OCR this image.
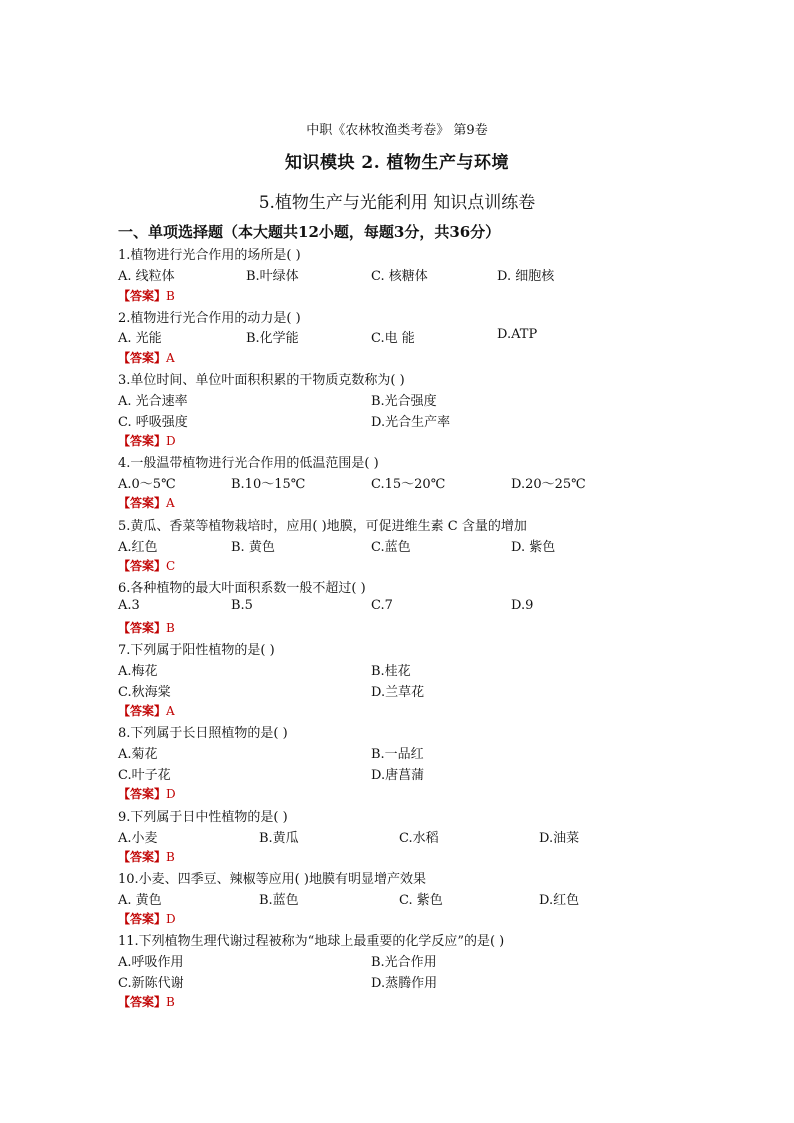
中职《农林牧渔类考卷》 第9卷
知识模块 2. 植物生产与环境
5.植物生产与光能利用 知识点训练卷
一、单项选择题（本大题共12小题，每题3分，共36分）
1.植物进行光合作用的场所是( )
A. 线粒体	B.叶绿体	C. 核糖体	D. 细胞核
【答案】B
2.植物进行光合作用的动力是( )
A. 光能	B.化学能	C.电 能	D.ATP
【答案】A
3.单位时间、单位叶面积积累的干物质克数称为( )
A. 光合速率	B.光合强度
C. 呼吸强度	D.光合生产率
【答案】D
4.一般温带植物进行光合作用的低温范围是( )
A.0～5℃	B.10～15℃	C.15～20℃	D.20～25℃
【答案】A
5.黄瓜、香菜等植物栽培时，应用( )地膜，可促进维生素 C 含量的增加
A.红色	B. 黄色	C.蓝色	D. 紫色
【答案】C
6.各种植物的最大叶面积系数一般不超过( )
A.3	B.5	C.7	D.9
【答案】B
7.下列属于阳性植物的是( )
A.梅花	B.桂花
C.秋海棠	D.兰草花
【答案】A
8.下列属于长日照植物的是( )
A.菊花	B.一品红
C.叶子花	D.唐菖蒲
【答案】D
9.下列属于日中性植物的是( )
A.小麦	B.黄瓜	C.水稻	D.油菜
【答案】B
10.小麦、四季豆、辣椒等应用( )地膜有明显增产效果
A. 黄色	B.蓝色	C. 紫色	D.红色
【答案】D
11.下列植物生理代谢过程被称为“地球上最重要的化学反应”的是( )
A.呼吸作用	B.光合作用
C.新陈代谢	D.蒸腾作用
【答案】B
